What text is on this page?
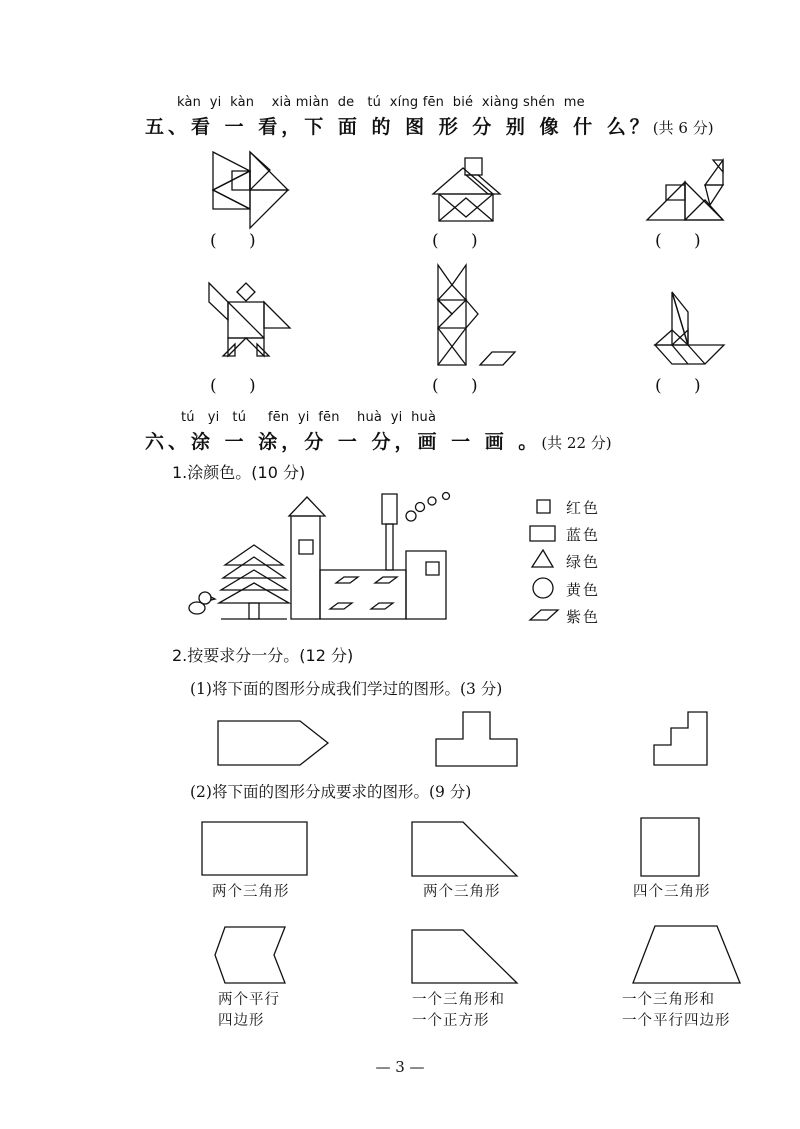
kàn  yi  kàn    xià miàn  de   tú  xíng fēn  bié  xiàng shén  me
五、看 一 看，下 面 的 图 形 分 别 像 什 么？(共 6 分)
(      )	(      )	(      )
(      )	(      )	(      )
tú   yi   tú     fēn  yi  fēn    huà  yi  huà
六、涂 一 涂，分 一 分，画 一 画 。(共 22 分)
1.涂颜色。(10 分)
红色
蓝色
绿色
黄色
紫色
2.按要求分一分。(12 分)
(1)将下面的图形分成我们学过的图形。(3 分)
(2)将下面的图形分成要求的图形。(9 分)
两个三角形	两个三角形	四个三角形
两个平行
四边形
一个三角形和
一个正方形
一个三角形和
一个平行四边形
— 3 —
